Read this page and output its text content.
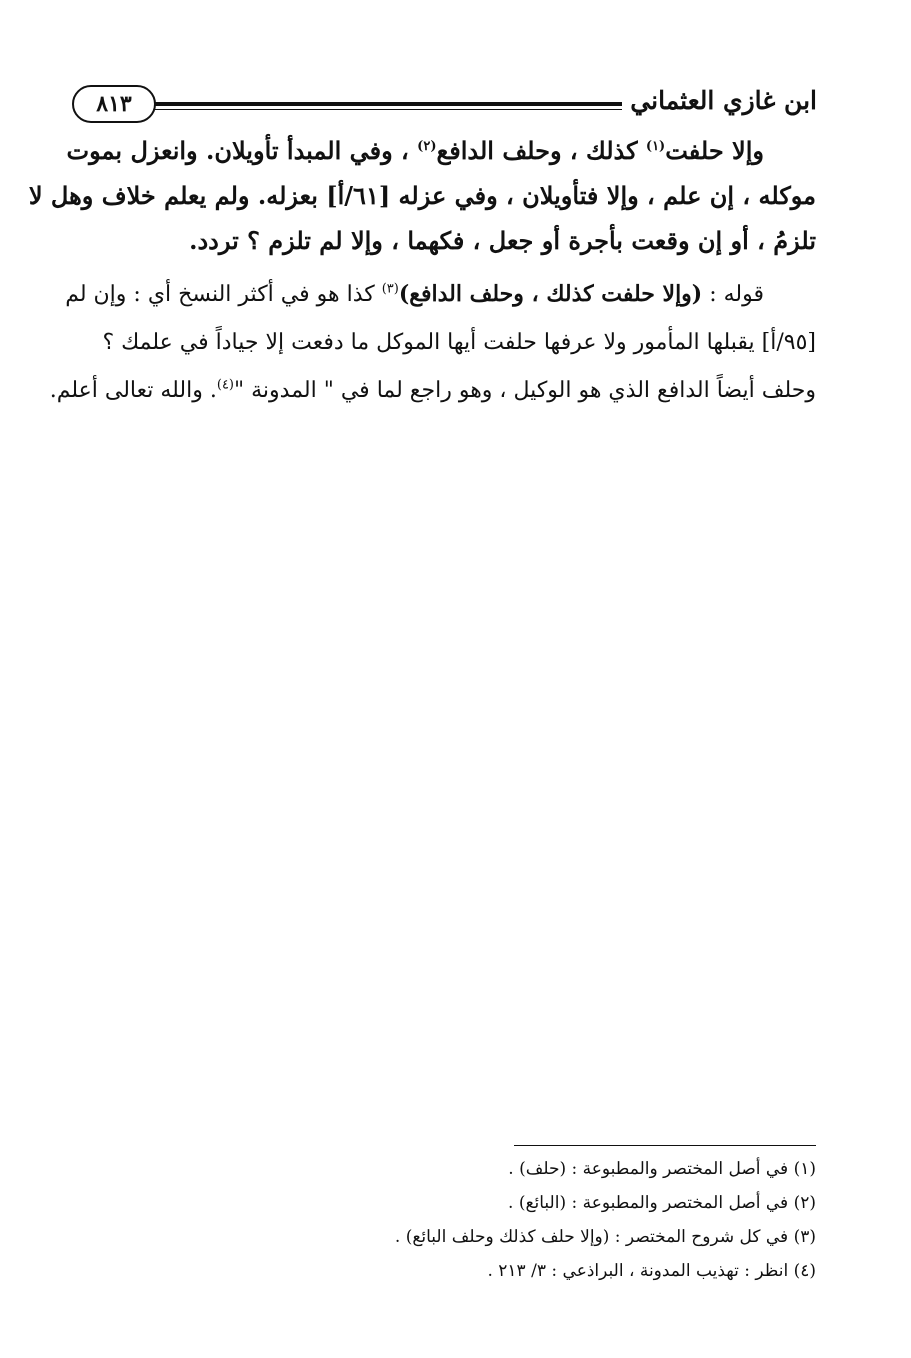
ابن غازي العثماني
٨١٣
وإلا حلفت$^{(١)}$ كذلك ، وحلف الدافع$^{(٢)}$ ، وفي المبدأ تأويلان. وانعزل بموت
موكله ، إن علم ، وإلا فتأويلان ، وفي عزله [٦١/أ] بعزله. ولم يعلم خلاف وهل لا
تلزمُ ، أو إن وقعت بأجرة أو جعل ، فكهما ، وإلا لم تلزم ؟ تردد.
قوله : (وإلا حلفت كذلك ، وحلف الدافع)$^{(٣)}$ كذا هو في أكثر النسخ أي : وإن لم
[٩٥/أ] يقبلها المأمور ولا عرفها حلفت أيها الموكل ما دفعت إلا جياداً في علمك ؟
وحلف أيضاً الدافع الذي هو الوكيل ، وهو راجع لما في " المدونة "$^{(٤)}$. والله تعالى أعلم.
(١) في أصل المختصر والمطبوعة : (حلف) .
(٢) في أصل المختصر والمطبوعة : (البائع) .
(٣) في كل شروح المختصر : (وإلا حلف كذلك وحلف البائع) .
(٤) انظر : تهذيب المدونة ، البراذعي : ٣/ ٢١٣ .
